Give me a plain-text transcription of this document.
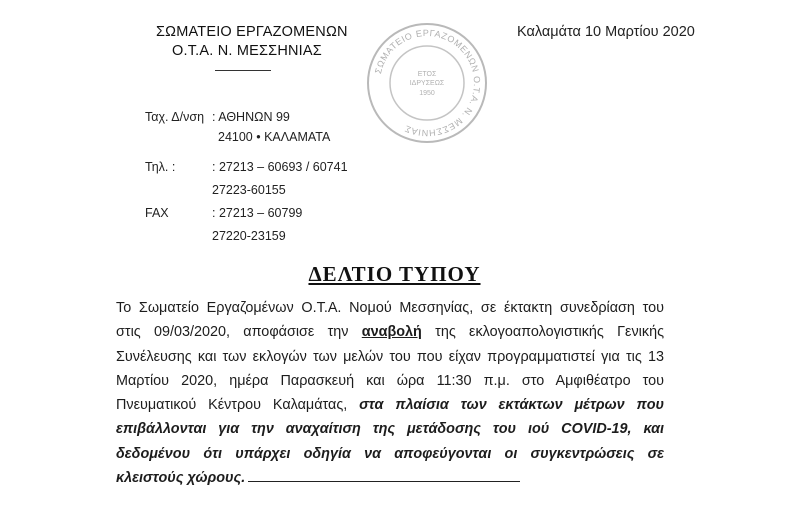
ΣΩΜΑΤΕΙΟ ΕΡΓΑΖΟΜΕΝΩΝ
Ο.Τ.Α. Ν. ΜΕΣΣΗΝΙΑΣ
Καλαμάτα 10 Μαρτίου 2020
ΣΩΜΑΤΕΙΟ ΕΡΓΑΖΟΜΕΝΩΝ Ο.Τ.Α. Ν. ΜΕΣΣΗΝΙΑΣ
ΕΤΟΣ
ΙΔΡΥΣΕΩΣ
1950
Ταχ. Δ/νση : ΑΘΗΝΩΝ 99
24100 • ΚΑΛΑΜΑΤΑ
Τηλ. :	: 27213 – 60693 / 60741
27223-60155
FAX	: 27213 – 60799
27220-23159
ΔΕΛΤΙΟ ΤΥΠΟΥ
Το Σωματείο Εργαζομένων Ο.Τ.Α. Νομού Μεσσηνίας, σε έκτακτη συνεδρίαση του
στις 09/03/2020, αποφάσισε την αναβολή της εκλογοαπολογιστικής Γενικής
Συνέλευσης και των εκλογών των μελών του που είχαν προγραμματιστεί για τις 13
Μαρτίου 2020, ημέρα Παρασκευή και ώρα 11:30 π.μ. στο Αμφιθέατρο του
Πνευματικού Κέντρου Καλαμάτας, στα πλαίσια των εκτάκτων μέτρων που
επιβάλλονται για την αναχαίτιση της μετάδοσης του ιού COVID-19, και
δεδομένου ότι υπάρχει οδηγία να αποφεύγονται οι συγκεντρώσεις σε
κλειστούς χώρους.
